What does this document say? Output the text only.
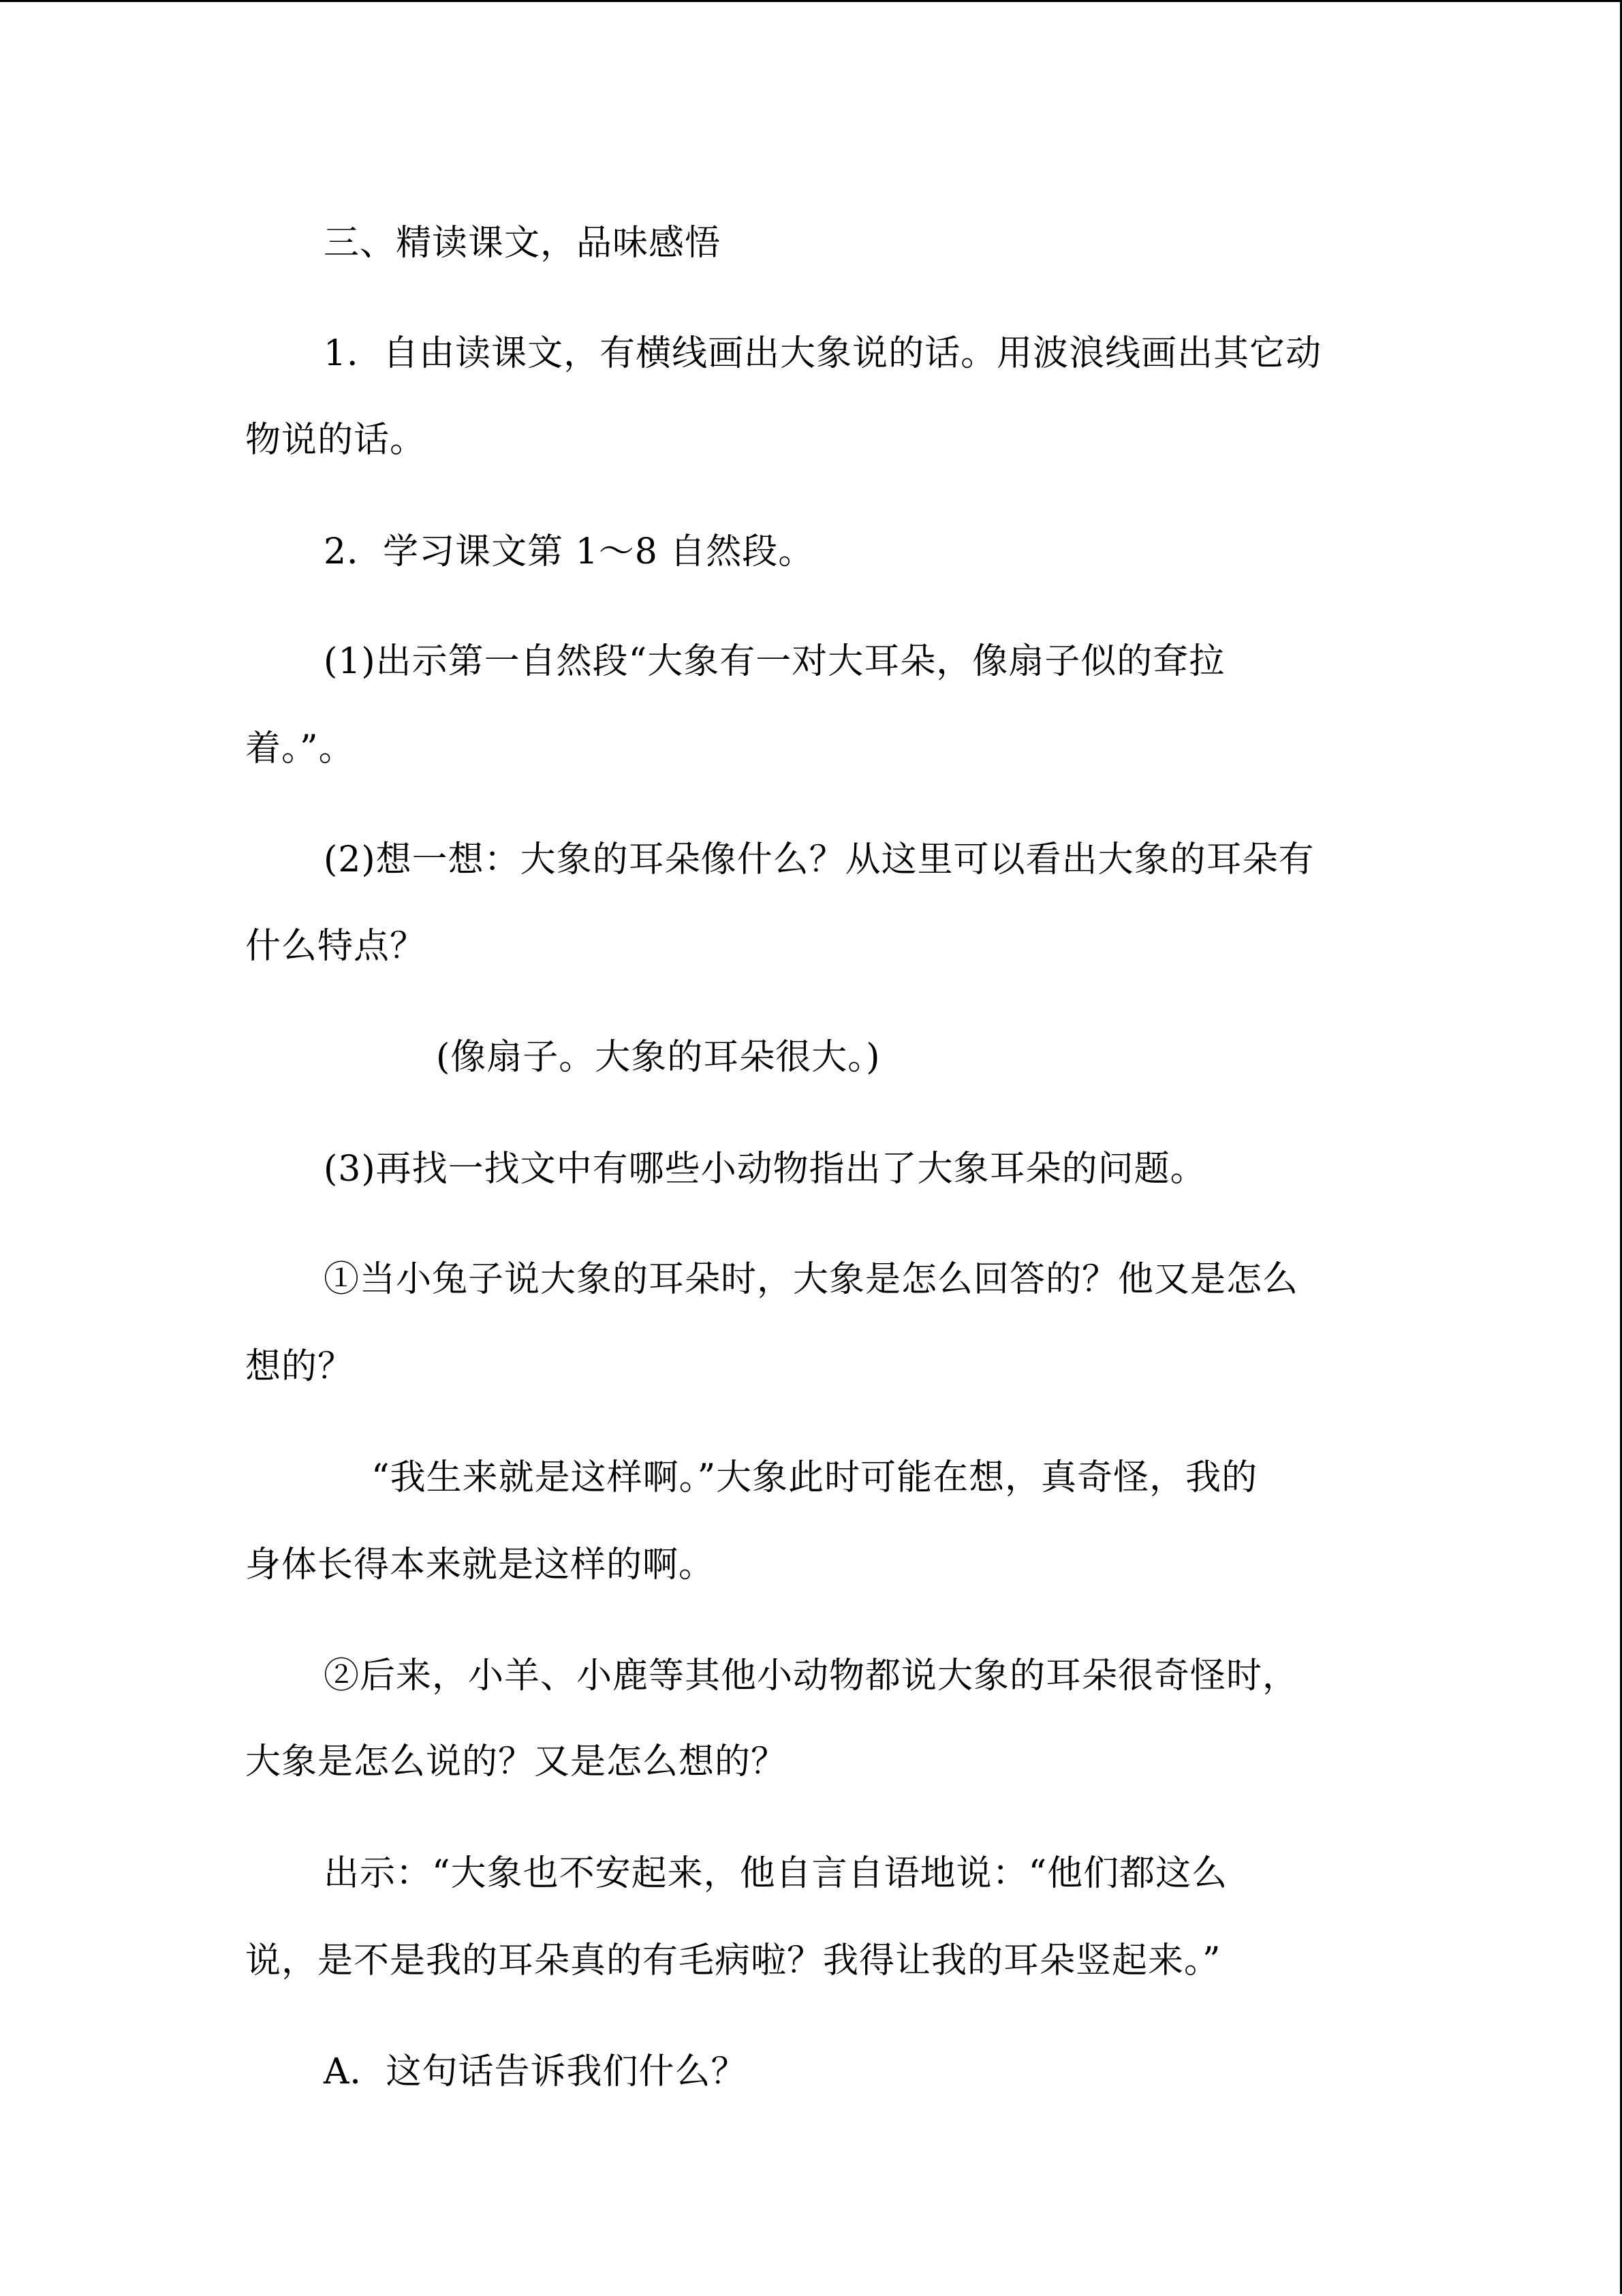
三、精读课文，品味感悟
1．自由读课文，有横线画出大象说的话。用波浪线画出其它动
物说的话。
2．学习课文第 1～8 自然段。
(1)出示第一自然段“大象有一对大耳朵，像扇子似的耷拉
着。”。
(2)想一想：大象的耳朵像什么？从这里可以看出大象的耳朵有
什么特点？
(像扇子。大象的耳朵很大。)
(3)再找一找文中有哪些小动物指出了大象耳朵的问题。
①当小兔子说大象的耳朵时，大象是怎么回答的？他又是怎么
想的？
“我生来就是这样啊。”大象此时可能在想，真奇怪，我的
身体长得本来就是这样的啊。
②后来，小羊、小鹿等其他小动物都说大象的耳朵很奇怪时，
大象是怎么说的？又是怎么想的？
出示：“大象也不安起来，他自言自语地说：“他们都这么
说，是不是我的耳朵真的有毛病啦？我得让我的耳朵竖起来。”
A．这句话告诉我们什么？
